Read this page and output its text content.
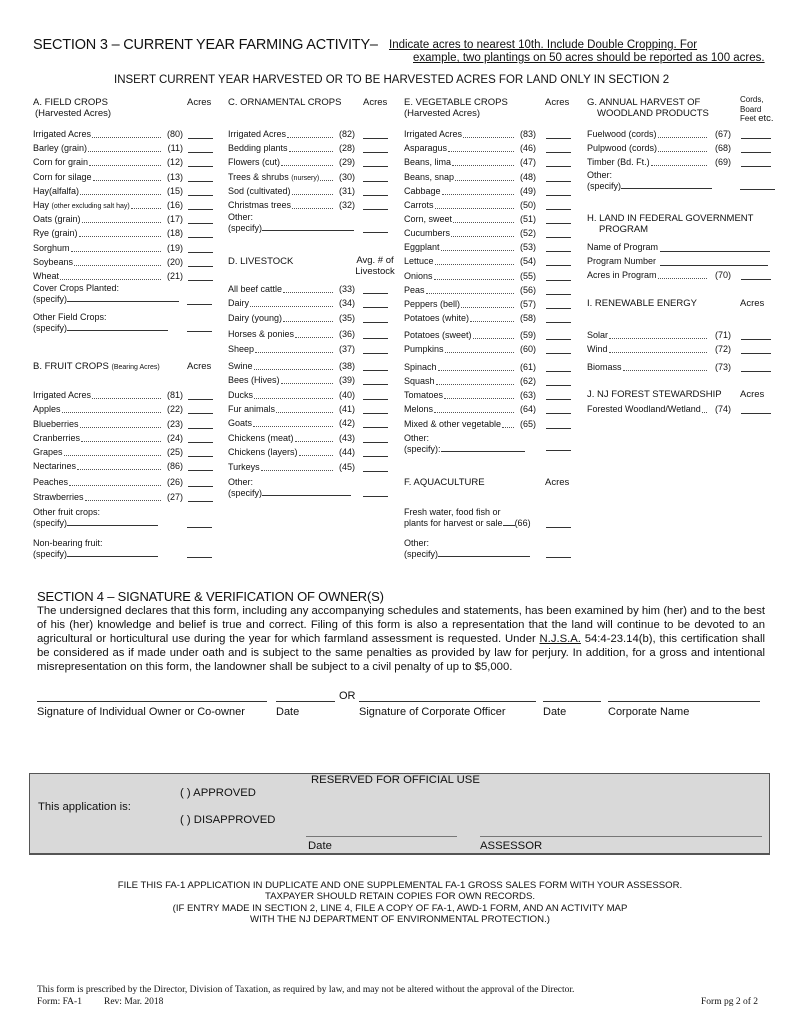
SECTION 3 – CURRENT YEAR FARMING ACTIVITY– Indicate acres to nearest 10th. Include Double Cropping. For
example, two plantings on 50 acres should be reported as 100 acres.
INSERT CURRENT YEAR HARVESTED OR TO BE HARVESTED ACRES FOR LAND ONLY IN SECTION 2
A. FIELD CROPS
(Harvested Acres)
Acres
Irrigated Acres	(80)
Barley (grain)	(11)
Corn for grain	(12)
Corn for silage	(13)
Hay(alfalfa)	(15)
Hay (other excluding salt hay)	(16)
Oats (grain)	(17)
Rye (grain)	(18)
Sorghum	(19)
Soybeans	(20)
Wheat	(21)
Cover Crops Planted:
(specify)
Other Field Crops:
(specify)
B. FRUIT CROPS (Bearing Acres)	Acres
Irrigated Acres	(81)
Apples	(22)
Blueberries	(23)
Cranberries	(24)
Grapes	(25)
Nectarines	(86)
Peaches	(26)
Strawberries	(27)
Other fruit crops:
(specify)
Non-bearing fruit:
(specify)
C. ORNAMENTAL CROPS Acres
Irrigated Acres	(82)
Bedding plants	(28)
Flowers (cut)	(29)
Trees & shrubs (nursery)	(30)
Sod (cultivated)	(31)
Christmas trees	(32)
Other:
(specify)
D. LIVESTOCK	Avg. # of
Livestock
All beef cattle	(33)
Dairy	(34)
Dairy (young)	(35)
Horses & ponies	(36)
Sheep	(37)
Swine	(38)
Bees (Hives)	(39)
Ducks	(40)
Fur animals	(41)
Goats	(42)
Chickens (meat)	(43)
Chickens (layers)	(44)
Turkeys	(45)
Other:
(specify)
E. VEGETABLE CROPS
(Harvested Acres)
Acres
Irrigated Acres	(83)
Asparagus	(46)
Beans, lima	(47)
Beans, snap	(48)
Cabbage	(49)
Carrots	(50)
Corn, sweet	(51)
Cucumbers	(52)
Eggplant	(53)
Lettuce	(54)
Onions	(55)
Peas	(56)
Peppers (bell)	(57)
Potatoes (white)	(58)
Potatoes (sweet)	(59)
Pumpkins	(60)
Spinach	(61)
Squash	(62)
Tomatoes	(63)
Melons	(64)
Mixed & other vegetable	(65)
Other:
(specify):
F. AQUACULTURE	Acres
Fresh water, food fish or
plants for harvest or sale (66)
Other:
(specify)
G. ANNUAL HARVEST OF
WOODLAND PRODUCTS
Cords,
Board
Feet etc.
Fuelwood (cords)	(67)
Pulpwood (cords)	(68)
Timber (Bd. Ft.)	(69)
Other:
(specify)
H. LAND IN FEDERAL GOVERNMENT
PROGRAM
Name of Program
Program Number
Acres in Program	(70)
I. RENEWABLE ENERGY	Acres
Solar	(71)
Wind	(72)
Biomass	(73)
J. NJ FOREST STEWARDSHIP Acres
Forested Woodland/Wetland	(74)
SECTION 4 – SIGNATURE & VERIFICATION OF OWNER(S)
The undersigned declares that this form, including any accompanying schedules and statements, has been examined by him (her) and to the best of his (her) knowledge and belief is true and correct. Filing of this form is also a representation that the land will continue to be devoted to an agricultural or horticultural use during the year for which farmland assessment is requested. Under N.J.S.A. 54:4-23.14(b), this certification shall be considered as if made under oath and is subject to the same penalties as provided by law for perjury. In addition, for a gross and intentional misrepresentation on this form, the landowner shall be subject to a civil penalty of up to $5,000.
OR
Signature of Individual Owner or Co-owner	Date	Signature of Corporate Officer	Date	Corporate Name
RESERVED FOR OFFICIAL USE
This application is:
( ) APPROVED
( ) DISAPPROVED
Date	ASSESSOR
FILE THIS FA-1 APPLICATION IN DUPLICATE AND ONE SUPPLEMENTAL FA-1 GROSS SALES FORM WITH YOUR ASSESSOR.
TAXPAYER SHOULD RETAIN COPIES FOR OWN RECORDS.
(IF ENTRY MADE IN SECTION 2, LINE 4, FILE A COPY OF FA-1, AWD-1 FORM, AND AN ACTIVITY MAP
WITH THE NJ DEPARTMENT OF ENVIRONMENTAL PROTECTION.)
This form is prescribed by the Director, Division of Taxation, as required by law, and may not be altered without the approval of the Director.
Form: FA-1 Rev: Mar. 2018	Form pg 2 of 2
